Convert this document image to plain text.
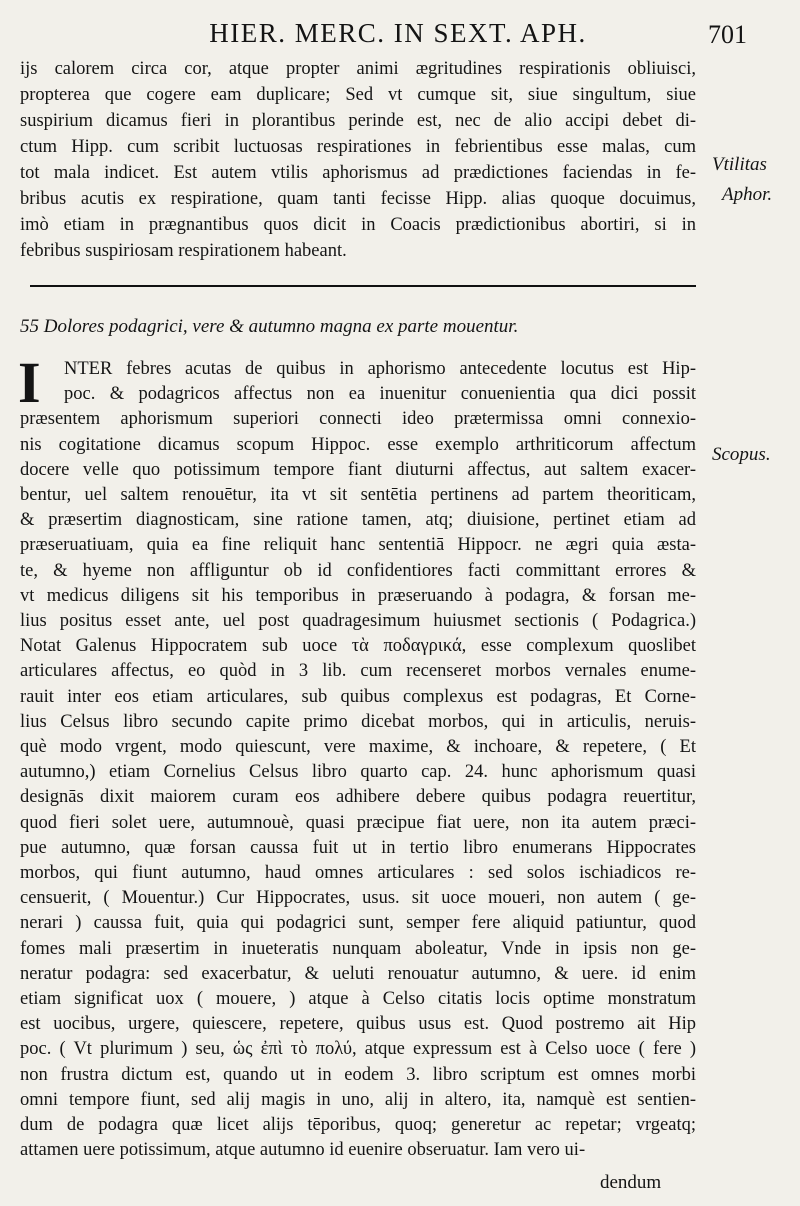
HIER. MERC. IN SEXT. APH.	701
ijs calorem circa cor, atque propter animi ægritudines respirationis obliuisci,
propterea que cogere eam duplicare; Sed vt cumque sit, siue singultum, siue
suspirium dicamus fieri in plorantibus perinde est, nec de alio accipi debet di-
ctum Hipp. cum scribit luctuosas respirationes in febrientibus esse malas, cum
tot mala indicet. Est autem vtilis aphorismus ad prædictiones faciendas in fe-
bribus acutis ex respiratione, quam tanti fecisse Hipp. alias quoque docuimus,
imò etiam in prægnantibus quos dicit in Coacis prædictionibus abortiri, si in
febribus suspiriosam respirationem habeant.
Vtilitas
Aphor.
55 Dolores podagrici, vere & autumno magna ex parte mouentur.
I NTER febres acutas de quibus in aphorismo antecedente locutus est Hip-
poc. & podagricos affectus non ea inuenitur conuenientia qua dici possit
præsentem aphorismum superiori connecti ideo prætermissa omni connexio-
nis cogitatione dicamus scopum Hippoc. esse exemplo arthriticorum affectum
docere velle quo potissimum tempore fiant diuturni affectus, aut saltem exacer-
bentur, uel saltem renouētur, ita vt sit sentētia pertinens ad partem theoriticam,
& præsertim diagnosticam, sine ratione tamen, atq; diuisione, pertinet etiam ad
præseruatiuam, quia ea fine reliquit hanc sententiā Hippocr. ne ægri quia æsta-
te, & hyeme non affliguntur ob id confidentiores facti committant errores &
vt medicus diligens sit his temporibus in præseruando à podagra, & forsan me-
lius positus esset ante, uel post quadragesimum huiusmet sectionis ( Podagrica.)
Notat Galenus Hippocratem sub uoce τὰ ποδαγρικά, esse complexum quoslibet
articulares affectus, eo quòd in 3 lib. cum recenseret morbos vernales enume-
rauit inter eos etiam articulares, sub quibus complexus est podagras, Et Corne-
lius Celsus libro secundo capite primo dicebat morbos, qui in articulis, neruis-
què modo vrgent, modo quiescunt, vere maxime, & inchoare, & repetere, ( Et
autumno,) etiam Cornelius Celsus libro quarto cap. 24. hunc aphorismum quasi
designās dixit maiorem curam eos adhibere debere quibus podagra reuertitur,
quod fieri solet uere, autumnouè, quasi præcipue fiat uere, non ita autem præci-
pue autumno, quæ forsan caussa fuit ut in tertio libro enumerans Hippocrates
morbos, qui fiunt autumno, haud omnes articulares : sed solos ischiadicos re-
censuerit, ( Mouentur.) Cur Hippocrates, usus. sit uoce moueri, non autem ( ge-
nerari ) caussa fuit, quia qui podagrici sunt, semper fere aliquid patiuntur, quod
fomes mali præsertim in inueteratis nunquam aboleatur, Vnde in ipsis non ge-
neratur podagra: sed exacerbatur, & ueluti renouatur autumno, & uere. id enim
etiam significat uox ( mouere, ) atque à Celso citatis locis optime monstratum
est uocibus, urgere, quiescere, repetere, quibus usus est. Quod postremo ait Hip
poc. ( Vt plurimum ) seu, ὡς ἐπὶ τὸ πολύ, atque expressum est à Celso uoce ( fere )
non frustra dictum est, quando ut in eodem 3. libro scriptum est omnes morbi
omni tempore fiunt, sed alij magis in uno, alij in altero, ita, namquè est sentien-
dum de podagra quæ licet alijs tēporibus, quoq; generetur ac repetar; vrgeatq;
attamen uere potissimum, atque autumno id euenire obseruatur. Iam vero ui-
Scopus.
dendum
